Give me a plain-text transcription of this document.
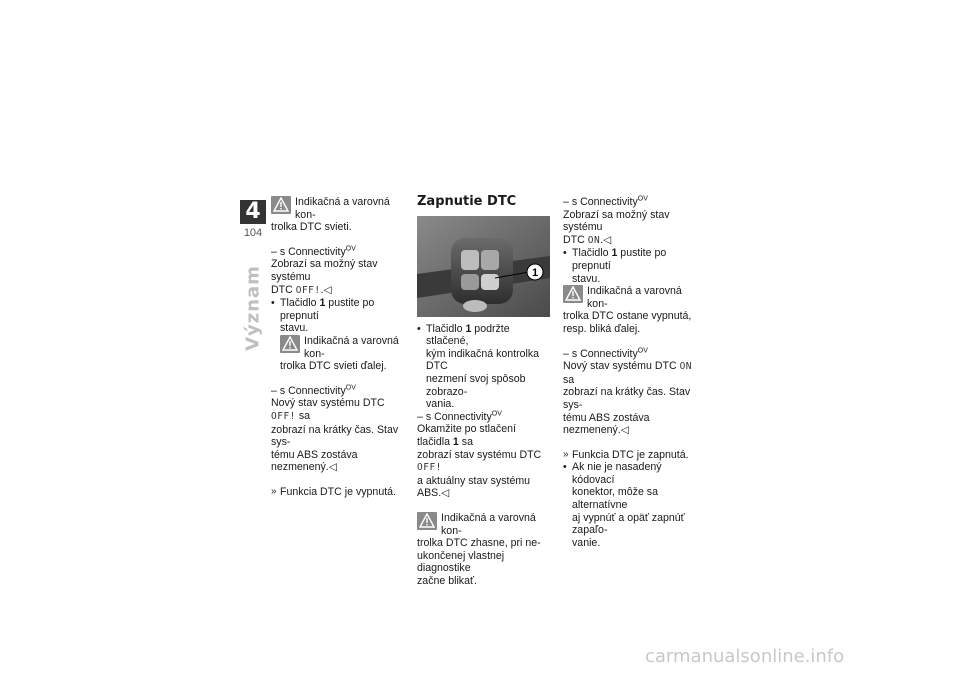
4
104
Význam
Indikačná a varovná kon-
trolka DTC svieti.

– s Connectivity$^{OV}$

Zobrazí sa možný stav systému

DTC OFF!.◁

• Tlačidlo 1 pustite po prepnutí
stavu.

Indikačná a varovná kon-
trolka DTC svieti ďalej.

– s Connectivity$^{OV}$

Nový stav systému DTC OFF! sa

zobrazí na krátky čas. Stav sys-

tému ABS zostáva nezmenený.◁

» Funkcia DTC je vypnutá.

Zapnutie DTC
1

• Tlačidlo 1 podržte stlačené,
kým indikačná kontrolka DTC
nezmení svoj spôsob zobrazo-
vania.

– s Connectivity$^{OV}$

Okamžite po stlačení tlačidla 1 sa

zobrazí stav systému DTC OFF!

a aktuálny stav systému ABS.◁

Indikačná a varovná kon-
trolka DTC zhasne, pri ne-
ukončenej vlastnej diagnostike
začne blikať.

– s Connectivity$^{OV}$

Zobrazí sa možný stav systému

DTC ON.◁

• Tlačidlo 1 pustite po prepnutí
stavu.

Indikačná a varovná kon-
trolka DTC ostane vypnutá,
resp. bliká ďalej.

– s Connectivity$^{OV}$

Nový stav systému DTC ON sa

zobrazí na krátky čas. Stav sys-

tému ABS zostáva nezmenený.◁

» Funkcia DTC je zapnutá.

• Ak nie je nasadený kódovací
konektor, môže sa alternatívne
aj vypnúť a opäť zapnúť zapaľo-
vanie.

carmanualsonline.info
